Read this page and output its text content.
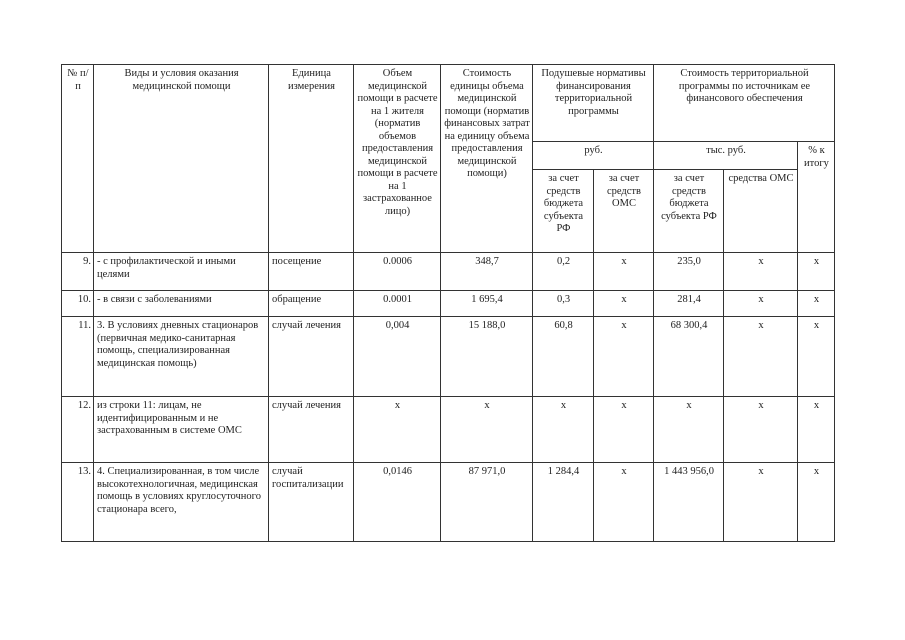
№ п/п	Виды и условия оказания медицинской помощи	Единица измерения	Объем медицинской помощи в расчете на 1 жителя (норматив объемов предоставления медицинской помощи в расчете на 1 застрахованное лицо)	Стоимость единицы объема медицинской помощи (норматив финансовых затрат на единицу объема предоставления медицинской помощи)	Подушевые нормативы финансирования территориальной программы		Стоимость территориальной программы по источникам ее финансового обеспечения		
					руб.		тыс. руб.		% к итогу
					за счет средств бюджета субъекта РФ	за счет средств ОМС	за счет средств бюджета субъекта РФ	средства ОМС	
9.	- с профилактической и иными целями	посещение	0.0006	348,7	0,2	x	235,0	x	x
10.	- в связи с заболеваниями	обращение	0.0001	1 695,4	0,3	x	281,4	x	x
11.	3. В условиях дневных стационаров (первичная медико-санитарная помощь, специализированная медицинская помощь)	случай лечения	0,004	15 188,0	60,8	x	68 300,4	x	x
12.	из строки 11: лицам, не идентифицированным и не застрахованным в системе ОМС	случай лечения	x	x	x	x	x	x	x
13.	4. Специализированная, в том числе высокотехнологичная, медицинская помощь в условиях круглосуточного стационара всего,	случай госпитализации	0,0146	87 971,0	1 284,4	x	1 443 956,0	x	x
